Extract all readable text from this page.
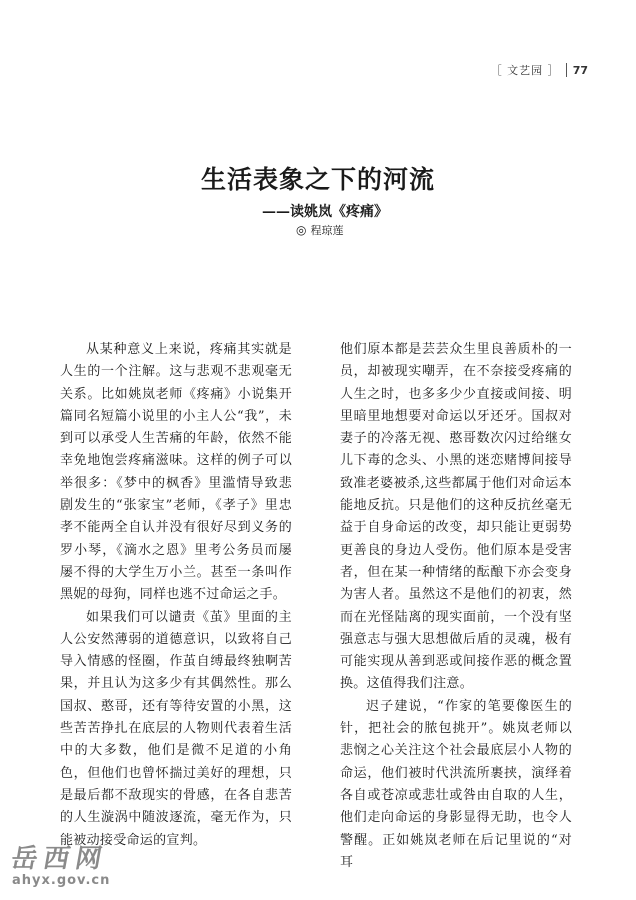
［ 文艺园 ］ 77
生活表象之下的河流
——读姚岚《疼痛》
◎ 程琼莲

从某种意义上来说，疼痛其实就是人生的一个注解。这与悲观不悲观毫无关系。比如姚岚老师《疼痛》小说集开篇同名短篇小说里的小主人公“我”，未到可以承受人生苦痛的年龄，依然不能幸免地饱尝疼痛滋味。这样的例子可以举很多：《梦中的枫香》里滥情导致悲剧发生的“张家宝”老师，《孝子》里忠孝不能两全自认并没有很好尽到义务的罗小琴，《滴水之恩》里考公务员而屡屡不得的大学生万小兰。甚至一条叫作黑妮的母狗，同样也逃不过命运之手。

如果我们可以谴责《茧》里面的主人公安然薄弱的道德意识，以致将自己导入情感的怪圈，作茧自缚最终独啊苦果，并且认为这多少有其偶然性。那么国叔、憨哥，还有等待安置的小黑，这些苦苦挣扎在底层的人物则代表着生活中的大多数，他们是微不足道的小角色，但他们也曾怀揣过美好的理想，只是最后都不敌现实的骨感，在各自悲苦的人生漩涡中随波逐流，毫无作为，只能被动接受命运的宣判。

他们原本都是芸芸众生里良善质朴的一员，却被现实嘲弄，在不奈接受疼痛的人生之时，也多多少少直接或间接、明里暗里地想要对命运以牙还牙。国叔对妻子的冷落无视、憨哥数次闪过给继女儿下毒的念头、小黑的迷恋赌博间接导致准老婆被杀,这些都属于他们对命运本能地反抗。只是他们的这种反抗丝毫无益于自身命运的改变，却只能让更弱势更善良的身边人受伤。他们原本是受害者，但在某一种情绪的酝酿下亦会变身为害人者。虽然这不是他们的初衷，然而在光怪陆离的现实面前，一个没有坚强意志与强大思想做后盾的灵魂，极有可能实现从善到恶或间接作恶的概念置换。这值得我们注意。

迟子建说，“作家的笔要像医生的针，把社会的脓包挑开”。姚岚老师以悲悯之心关注这个社会最底层小人物的命运，他们被时代洪流所裹挟，演绎着各自或苍凉或悲壮或咎由自取的人生，他们走向命运的身影显得无助，也令人警醒。正如姚岚老师在后记里说的“对耳

岳西网
ahyx.gov.cn
